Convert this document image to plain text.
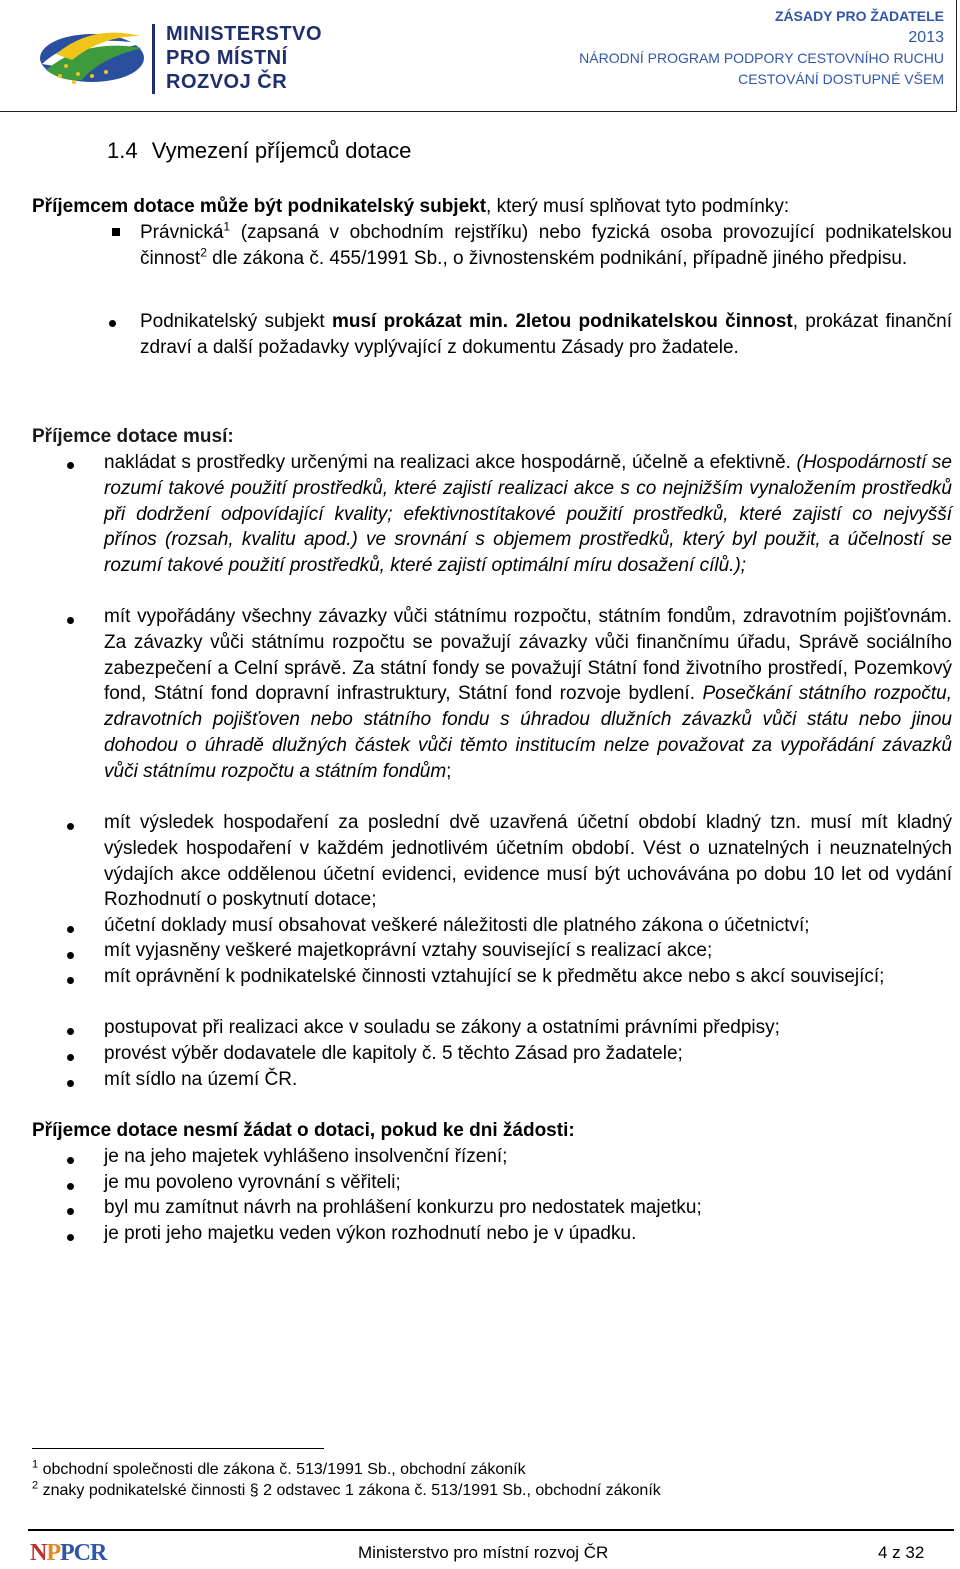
MINISTERSTVO
PRO MÍSTNÍ
ROZVOJ ČR
ZÁSADY PRO ŽADATELE
2013
NÁRODNÍ PROGRAM PODPORY CESTOVNÍHO RUCHU
CESTOVÁNÍ DOSTUPNÉ VŠEM
1.4 Vymezení příjemců dotace
Příjemcem dotace může být podnikatelský subjekt, který musí splňovat tyto podmínky:
Právnická$^1$ (zapsaná v obchodním rejstříku) nebo fyzická osoba provozující podnikatelskou činnost$^2$ dle zákona č. 455/1991 Sb., o živnostenském podnikání, případně jiného předpisu.
Podnikatelský subjekt musí prokázat min. 2letou podnikatelskou činnost, prokázat finanční zdraví a další požadavky vyplývající z dokumentu Zásady pro žadatele.
Příjemce dotace musí:
nakládat s prostředky určenými na realizaci akce hospodárně, účelně a efektivně. (Hospodárností se rozumí takové použití prostředků, které zajistí realizaci akce s co nejnižším vynaložením prostředků při dodržení odpovídající kvality; efektivnostítakové použití prostředků, které zajistí co nejvyšší přínos (rozsah, kvalitu apod.) ve srovnání s objemem prostředků, který byl použit, a účelností se rozumí takové použití prostředků, které zajistí optimální míru dosažení cílů.);
mít vypořádány všechny závazky vůči státnímu rozpočtu, státním fondům, zdravotním pojišťovnám. Za závazky vůči státnímu rozpočtu se považují závazky vůči finančnímu úřadu, Správě sociálního zabezpečení a Celní správě. Za státní fondy se považují Státní fond životního prostředí, Pozemkový fond, Státní fond dopravní infrastruktury, Státní fond rozvoje bydlení. Posečkání státního rozpočtu, zdravotních pojišťoven nebo státního fondu s úhradou dlužních závazků vůči státu nebo jinou dohodou o úhradě dlužných částek vůči těmto institucím nelze považovat za vypořádání závazků vůči státnímu rozpočtu a státním fondům;
mít výsledek hospodaření za poslední dvě uzavřená účetní období kladný tzn. musí mít kladný výsledek hospodaření v každém jednotlivém účetním období. Vést o uznatelných i neuznatelných výdajích akce oddělenou účetní evidenci, evidence musí být uchovávána po dobu 10 let od vydání Rozhodnutí o poskytnutí dotace;
účetní doklady musí obsahovat veškeré náležitosti dle platného zákona o účetnictví;
mít vyjasněny veškeré majetkoprávní vztahy související s realizací akce;
mít oprávnění k podnikatelské činnosti vztahující se k předmětu akce nebo s akcí související;
postupovat při realizaci akce v souladu se zákony a ostatními právními předpisy;
provést výběr dodavatele dle kapitoly č. 5 těchto Zásad pro žadatele;
mít sídlo na území ČR.
Příjemce dotace nesmí žádat o dotaci, pokud ke dni žádosti:
je na jeho majetek vyhlášeno insolvenční řízení;
je mu povoleno vyrovnání s věřiteli;
byl mu zamítnut návrh na prohlášení konkurzu pro nedostatek majetku;
je proti jeho majetku veden výkon rozhodnutí nebo je v úpadku.
$^1$ obchodní společnosti dle zákona č. 513/1991 Sb., obchodní zákoník
$^2$ znaky podnikatelské činnosti § 2 odstavec 1 zákona č. 513/1991 Sb., obchodní zákoník
NPPCR	Ministerstvo pro místní rozvoj ČR	4 z 32
